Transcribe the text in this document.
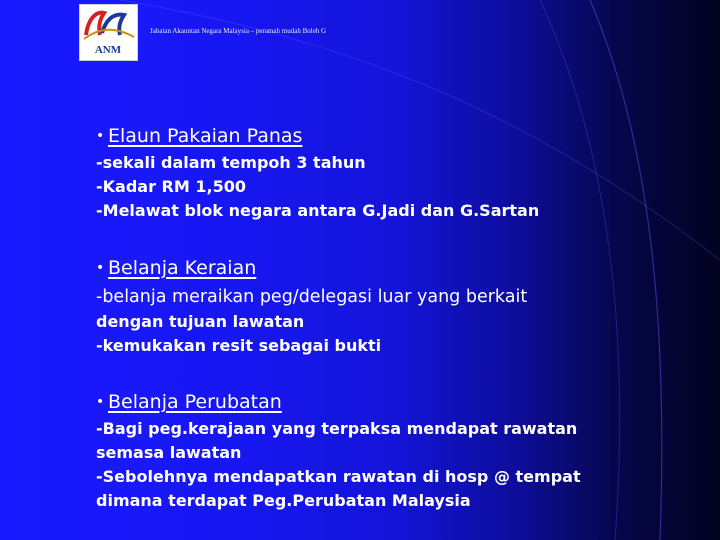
ANM
Jabatan Akauntan Negara Malaysia – peramah mudah Boleh G
• Elaun Pakaian Panas
-sekali dalam tempoh 3 tahun
-Kadar RM 1,500
-Melawat blok negara antara G.Jadi dan G.Sartan
• Belanja Keraian
-belanja meraikan peg/delegasi luar yang berkait
dengan tujuan lawatan
-kemukakan resit sebagai bukti
• Belanja Perubatan
-Bagi peg.kerajaan yang terpaksa mendapat rawatan
semasa lawatan
-Sebolehnya mendapatkan rawatan di hosp @ tempat
dimana terdapat Peg.Perubatan Malaysia
